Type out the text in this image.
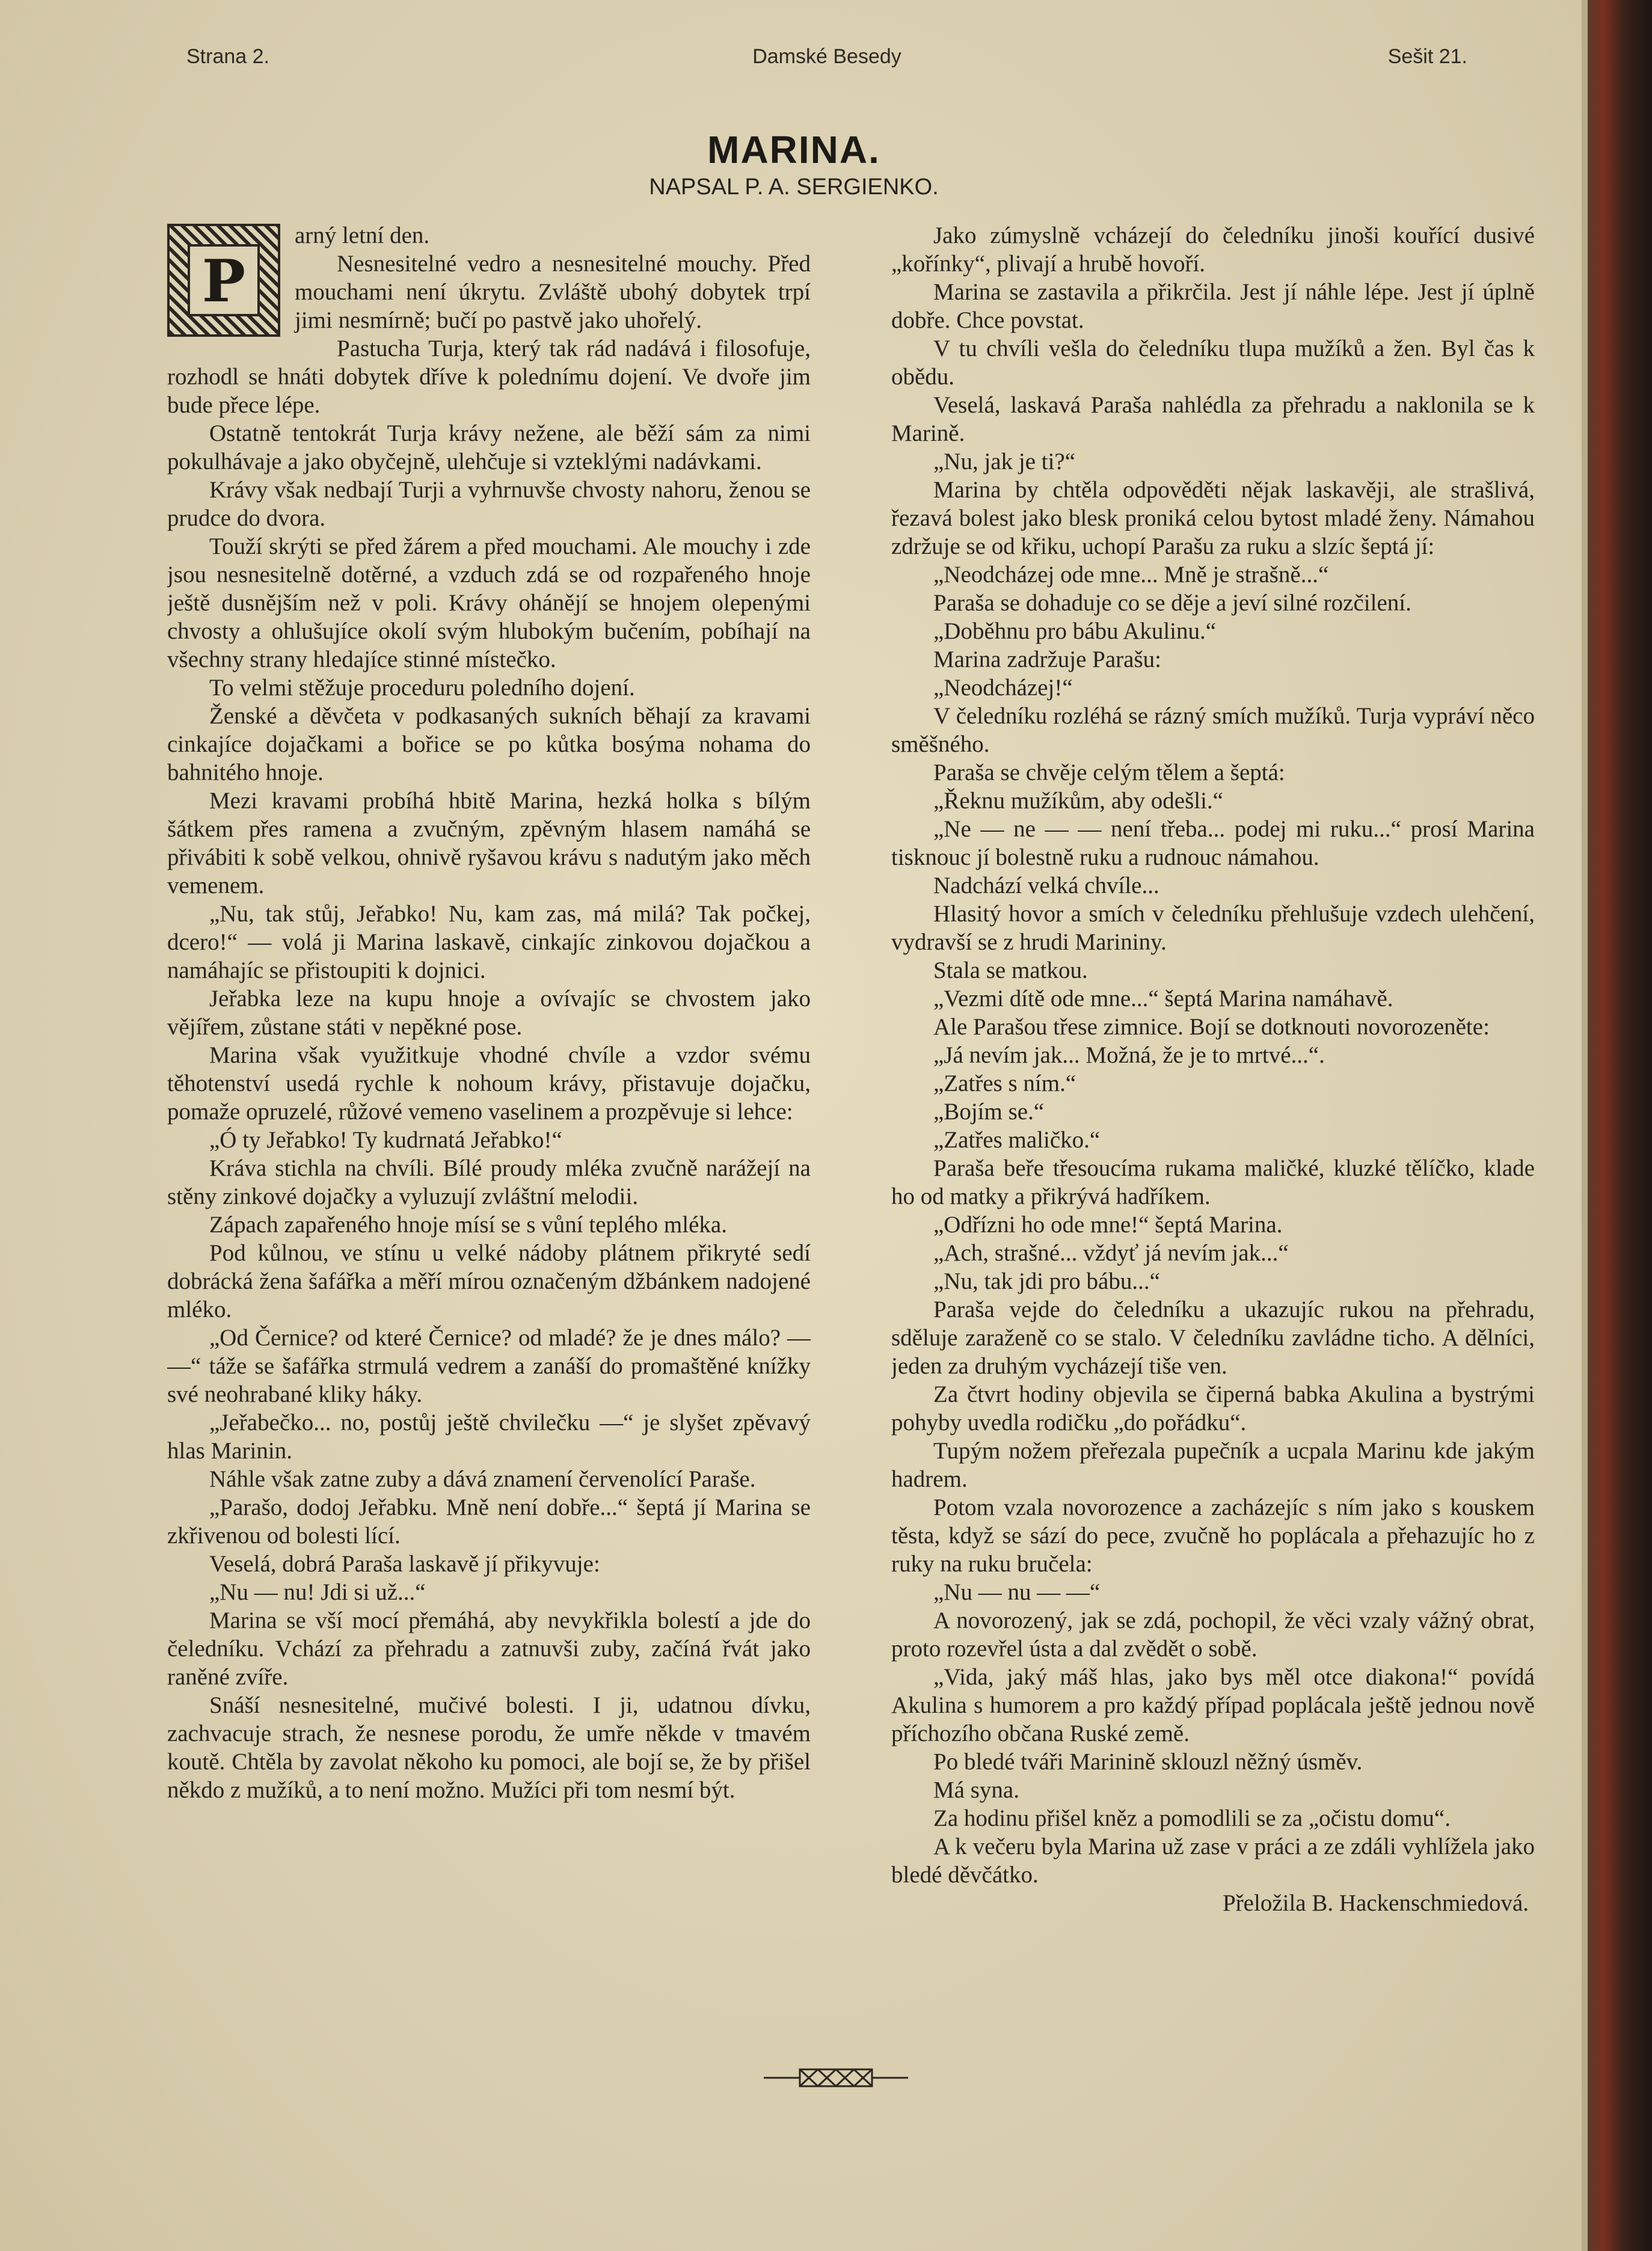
Strana 2.	Damské Besedy	Sešit 21.
MARINA.
NAPSAL P. A. SERGIENKO.
P

arný letní den.

Nesnesitelné vedro a nesnesitelné mouchy. Před mouchami není úkrytu. Zvláště ubohý dobytek trpí jimi nesmírně; bučí po pastvě jako uhořelý.

Pastucha Turja, který tak rád nadává i filosofuje, rozhodl se hnáti dobytek dříve k polednímu dojení. Ve dvoře jim bude přece lépe.

Ostatně tentokrát Turja krávy nežene, ale běží sám za nimi pokulhávaje a jako obyčejně, ulehčuje si vzteklými nadávkami.

Krávy však nedbají Turji a vyhrnuvše chvosty nahoru, ženou se prudce do dvora.

Touží skrýti se před žárem a před mouchami. Ale mouchy i zde jsou nesnesitelně dotěrné, a vzduch zdá se od rozpařeného hnoje ještě dusnějším než v poli. Krávy ohánějí se hnojem olepenými chvosty a ohlušujíce okolí svým hlubokým bučením, pobíhají na všechny strany hledajíce stinné místečko.

To velmi stěžuje proceduru poledního dojení.

Ženské a děvčeta v podkasaných sukních běhají za kravami cinkajíce dojačkami a bořice se po kůtka bosýma nohama do bahnitého hnoje.

Mezi kravami probíhá hbitě Marina, hezká holka s bílým šátkem přes ramena a zvučným, zpěvným hlasem namáhá se přivábiti k sobě velkou, ohnivě ryšavou krávu s nadutým jako měch vemenem.

„Nu, tak stůj, Jeřabko! Nu, kam zas, má milá? Tak počkej, dcero!“ — volá ji Marina laskavě, cinkajíc zinkovou dojačkou a namáhajíc se přistoupiti k dojnici.

Jeřabka leze na kupu hnoje a ovívajíc se chvostem jako vějířem, zůstane státi v nepěkné pose.

Marina však využitkuje vhodné chvíle a vzdor svému těhotenství usedá rychle k nohoum krávy, přistavuje dojačku, pomaže opruzelé, růžové vemeno vaselinem a prozpěvuje si lehce:

„Ó ty Jeřabko! Ty kudrnatá Jeřabko!“

Kráva stichla na chvíli. Bílé proudy mléka zvučně narážejí na stěny zinkové dojačky a vyluzují zvláštní melodii.

Zápach zapařeného hnoje mísí se s vůní teplého mléka.

Pod kůlnou, ve stínu u velké nádoby plátnem přikryté sedí dobrácká žena šafářka a měří mírou označeným džbánkem nadojené mléko.

„Od Černice? od které Černice? od mladé? že je dnes málo? — —“ táže se šafářka strmulá vedrem a zanáší do promaštěné knížky své neohrabané kliky háky.

„Jeřabečko... no, postůj ještě chvilečku —“ je slyšet zpěvavý hlas Marinin.

Náhle však zatne zuby a dává znamení červenolící Paraše.

„Parašo, dodoj Jeřabku. Mně není dobře...“ šeptá jí Marina se zkřivenou od bolesti lící.

Veselá, dobrá Paraša laskavě jí přikyvuje:

„Nu — nu! Jdi si už...“

Marina se vší mocí přemáhá, aby nevykřikla bolestí a jde do čeledníku. Vchází za přehradu a zatnuvši zuby, začíná řvát jako raněné zvíře.

Snáší nesnesitelné, mučivé bolesti. I ji, udatnou dívku, zachvacuje strach, že nesnese porodu, že umře někde v tmavém koutě. Chtěla by zavolat někoho ku pomoci, ale bojí se, že by přišel někdo z mužíků, a to není možno. Mužíci při tom nesmí být.

Jako zúmyslně vcházejí do čeledníku jinoši kouřící dusivé „kořínky“, plivají a hrubě hovoří.

Marina se zastavila a přikrčila. Jest jí náhle lépe. Jest jí úplně dobře. Chce povstat.

V tu chvíli vešla do čeledníku tlupa mužíků a žen. Byl čas k obědu.

Veselá, laskavá Paraša nahlédla za přehradu a naklonila se k Marině.

„Nu, jak je ti?“

Marina by chtěla odpověděti nějak laskavěji, ale strašlivá, řezavá bolest jako blesk proniká celou bytost mladé ženy. Námahou zdržuje se od křiku, uchopí Parašu za ruku a slzíc šeptá jí:

„Neodcházej ode mne... Mně je strašně...“

Paraša se dohaduje co se děje a jeví silné rozčilení.

„Doběhnu pro bábu Akulinu.“

Marina zadržuje Parašu:

„Neodcházej!“

V čeledníku rozléhá se rázný smích mužíků. Turja vypráví něco směšného.

Paraša se chvěje celým tělem a šeptá:

„Řeknu mužíkům, aby odešli.“

„Ne — ne — — není třeba... podej mi ruku...“ prosí Marina tisknouc jí bolestně ruku a rudnouc námahou.

Nadchází velká chvíle...

Hlasitý hovor a smích v čeledníku přehlušuje vzdech ulehčení, vydravší se z hrudi Marininy.

Stala se matkou.

„Vezmi dítě ode mne...“ šeptá Marina namáhavě.

Ale Parašou třese zimnice. Bojí se dotknouti novorozeněte:

„Já nevím jak... Možná, že je to mrtvé...“.

„Zatřes s ním.“

„Bojím se.“

„Zatřes maličko.“

Paraša beře třesoucíma rukama maličké, kluzké tělíčko, klade ho od matky a přikrývá hadříkem.

„Odřízni ho ode mne!“ šeptá Marina.

„Ach, strašné... vždyť já nevím jak...“

„Nu, tak jdi pro bábu...“

Paraša vejde do čeledníku a ukazujíc rukou na přehradu, sděluje zaraženě co se stalo. V čeledníku zavládne ticho. A dělníci, jeden za druhým vycházejí tiše ven.

Za čtvrt hodiny objevila se čiperná babka Akulina a bystrými pohyby uvedla rodičku „do pořádku“.

Tupým nožem přeřezala pupečník a ucpala Marinu kde jakým hadrem.

Potom vzala novorozence a zacházejíc s ním jako s kouskem těsta, když se sází do pece, zvučně ho poplácala a přehazujíc ho z ruky na ruku bručela:

„Nu — nu — —“

A novorozený, jak se zdá, pochopil, že věci vzaly vážný obrat, proto rozevřel ústa a dal zvědět o sobě.

„Vida, jaký máš hlas, jako bys měl otce diakona!“ povídá Akulina s humorem a pro každý případ poplácala ještě jednou nově příchozího občana Ruské země.

Po bledé tváři Marinině sklouzl něžný úsměv.

Má syna.

Za hodinu přišel kněz a pomodlili se za „očistu domu“.

A k večeru byla Marina už zase v práci a ze zdáli vyhlížela jako bledé děvčátko.

Přeložila B. Hackenschmiedová.
